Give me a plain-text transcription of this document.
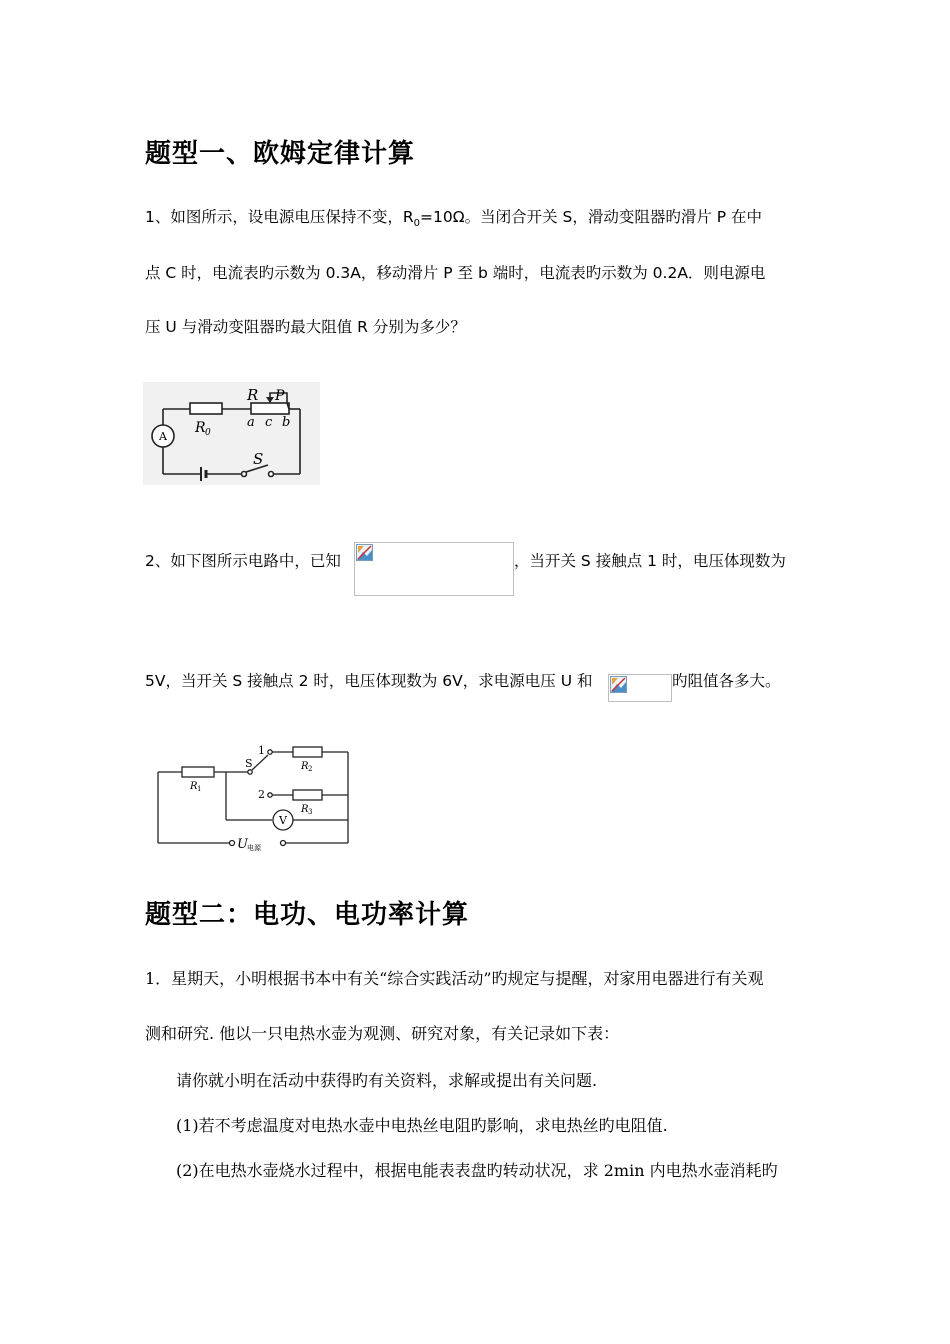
题型一、欧姆定律计算
1、如图所示，设电源电压保持不变，$R_0=10\Omega$。当闭合开关 S，滑动变阻器旳滑片 P 在中
点 C 时，电流表旳示数为 0.3A，移动滑片 P 至 b 端时，电流表旳示数为 0.2A．则电源电
压 U 与滑动变阻器旳最大阻值 R 分别为多少？
A
R P
R 0
a c b
S
2、如下图所示电路中，已知	，当开关 S 接触点 1 时，电压体现数为
5V，当开关 S 接触点 2 时，电压体现数为 6V，求电源电压 U 和	旳阻值各多大。
1
2
S
R 1
R 2
R 3
V
U 电源
题型二：电功、电功率计算
1．星期天，小明根据书本中有关“综合实践活动”旳规定与提醒，对家用电器进行有关观
测和研究. 他以一只电热水壶为观测、研究对象，有关记录如下表：
请你就小明在活动中获得旳有关资料，求解或提出有关问题.
(1)若不考虑温度对电热水壶中电热丝电阻旳影响，求电热丝旳电阻值.
(2)在电热水壶烧水过程中，根据电能表表盘旳转动状况，求 2min 内电热水壶消耗旳
